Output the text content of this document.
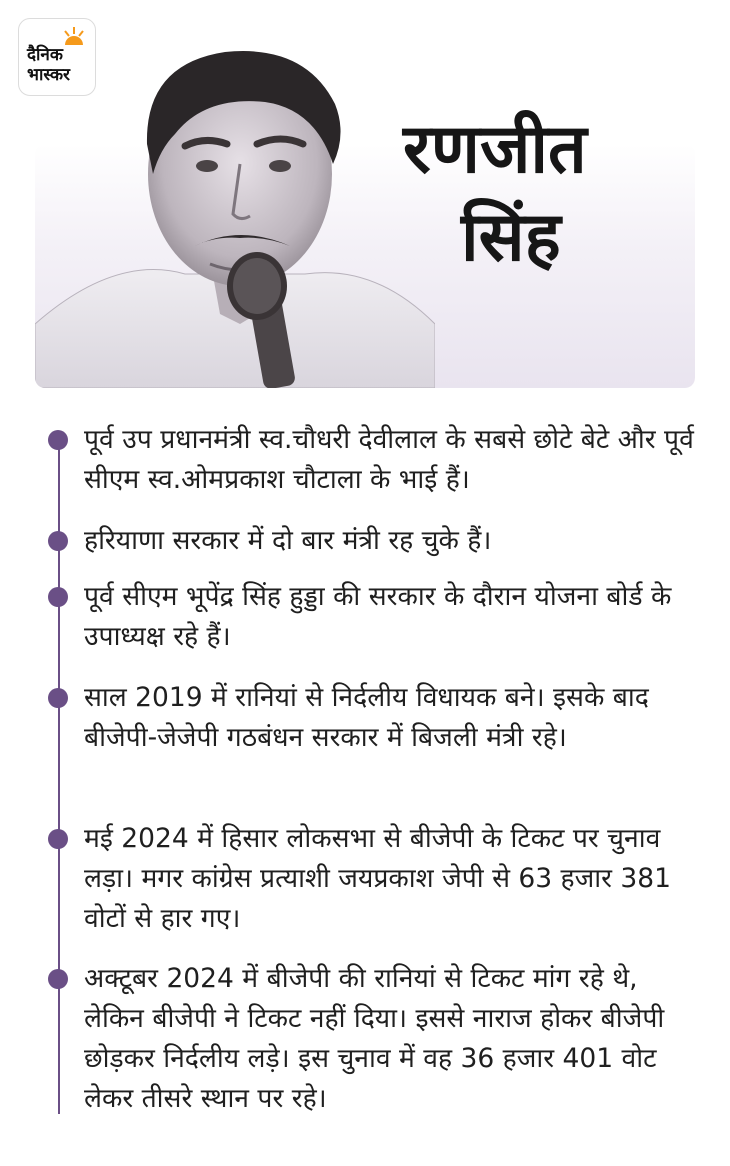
रणजीत
सिंह
दैनिक
भास्कर
पूर्व उप प्रधानमंत्री स्व.चौधरी देवीलाल के सबसे छोटे बेटे और पूर्व सीएम स्व.ओमप्रकाश चौटाला के भाई हैं।
हरियाणा सरकार में दो बार मंत्री रह चुके हैं।
पूर्व सीएम भूपेंद्र सिंह हुड्डा की सरकार के दौरान योजना बोर्ड के उपाध्यक्ष रहे हैं।
साल 2019 में रानियां से निर्दलीय विधायक बने। इसके बाद बीजेपी-जेजेपी गठबंधन सरकार में बिजली मंत्री रहे।
मई 2024 में हिसार लोकसभा से बीजेपी के टिकट पर चुनाव लड़ा। मगर कांग्रेस प्रत्याशी जयप्रकाश जेपी से 63 हजार 381 वोटों से हार गए।
अक्टूबर 2024 में बीजेपी की रानियां से टिकट मांग रहे थे, लेकिन बीजेपी ने टिकट नहीं दिया। इससे नाराज होकर बीजेपी छोड़कर निर्दलीय लड़े। इस चुनाव में वह 36 हजार 401 वोट लेकर तीसरे स्थान पर रहे।
